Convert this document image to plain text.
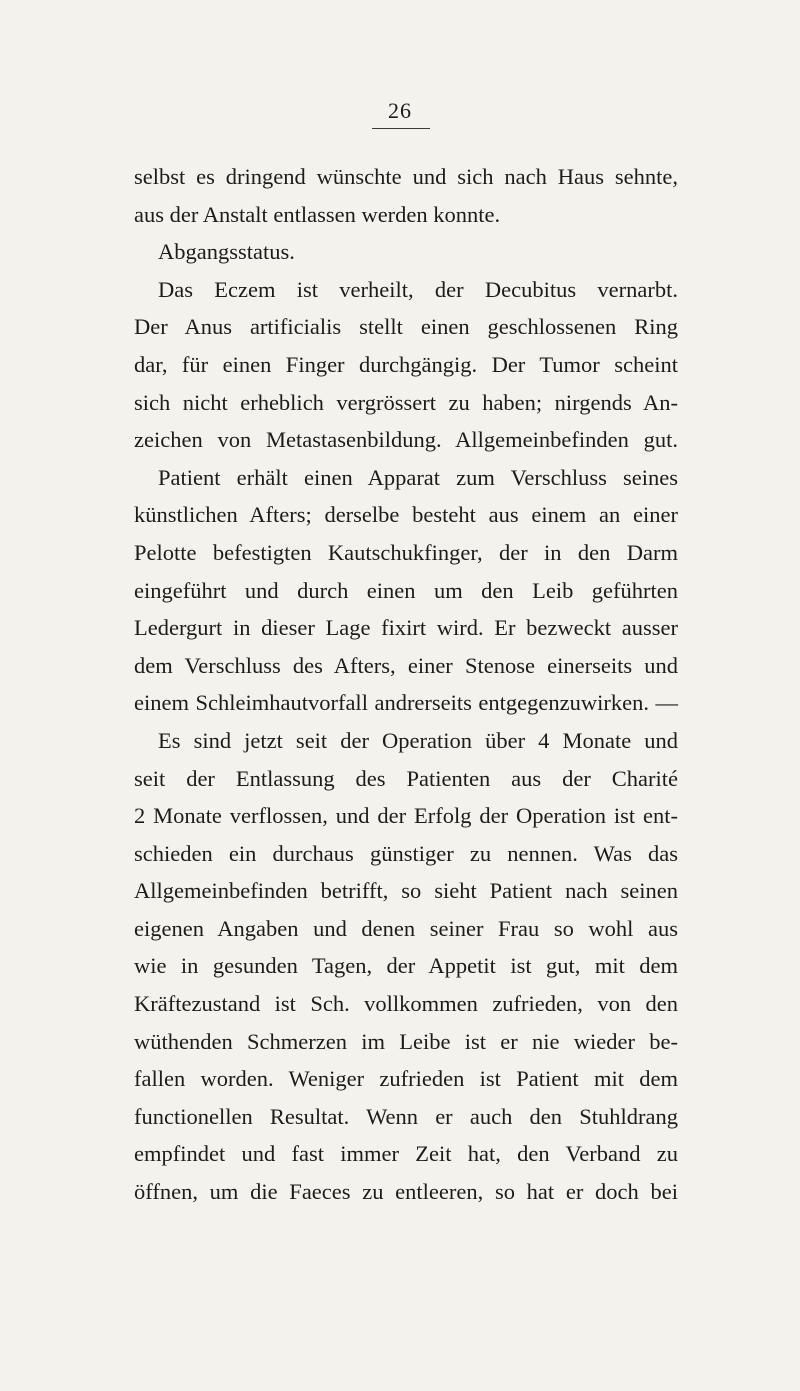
26
selbst es dringend wünschte und sich nach Haus sehnte,
aus der Anstalt entlassen werden konnte.
Abgangsstatus.
Das Eczem ist verheilt, der Decubitus vernarbt.
Der Anus artificialis stellt einen geschlossenen Ring
dar, für einen Finger durchgängig. Der Tumor scheint
sich nicht erheblich vergrössert zu haben; nirgends An-
zeichen von Metastasenbildung. Allgemeinbefinden gut.
Patient erhält einen Apparat zum Verschluss seines
künstlichen Afters; derselbe besteht aus einem an einer
Pelotte befestigten Kautschukfinger, der in den Darm
eingeführt und durch einen um den Leib geführten
Ledergurt in dieser Lage fixirt wird. Er bezweckt ausser
dem Verschluss des Afters, einer Stenose einerseits und
einem Schleimhautvorfall andrerseits entgegenzuwirken. —
Es sind jetzt seit der Operation über 4 Monate und
seit der Entlassung des Patienten aus der Charité
2 Monate verflossen, und der Erfolg der Operation ist ent-
schieden ein durchaus günstiger zu nennen. Was das
Allgemeinbefinden betrifft, so sieht Patient nach seinen
eigenen Angaben und denen seiner Frau so wohl aus
wie in gesunden Tagen, der Appetit ist gut, mit dem
Kräftezustand ist Sch. vollkommen zufrieden, von den
wüthenden Schmerzen im Leibe ist er nie wieder be-
fallen worden. Weniger zufrieden ist Patient mit dem
functionellen Resultat. Wenn er auch den Stuhldrang
empfindet und fast immer Zeit hat, den Verband zu
öffnen, um die Faeces zu entleeren, so hat er doch bei
